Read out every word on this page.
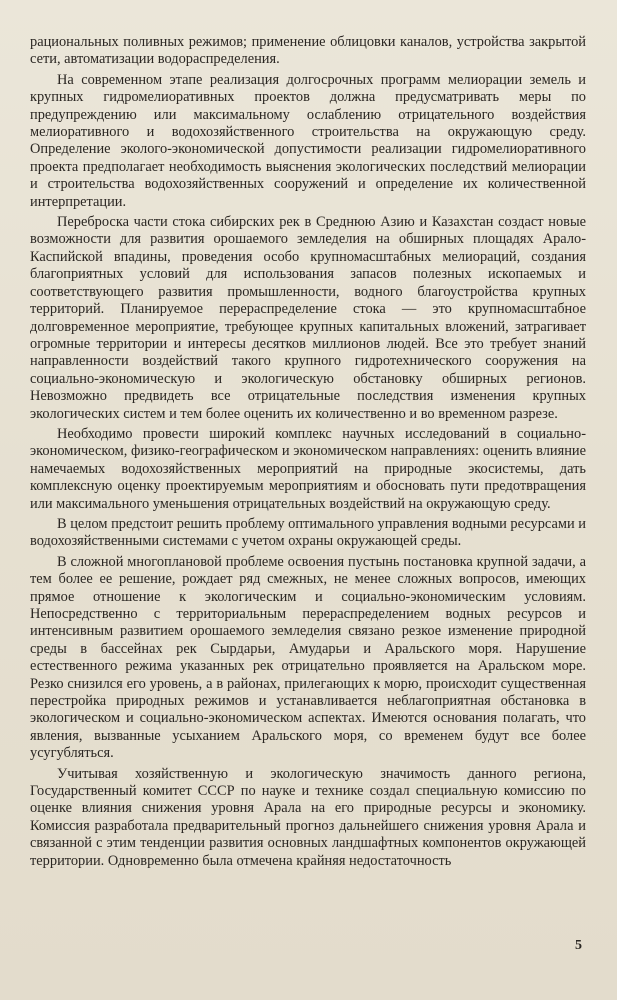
рациональных поливных режимов; применение облицовки каналов, устройства закрытой сети, автоматизации водораспределения.

На современном этапе реализация долгосрочных программ мелиорации земель и крупных гидромелиоративных проектов должна предусматривать меры по предупреждению или максимальному ослаблению отрицательного воздействия мелиоративного и водохозяйственного строительства на окружающую среду. Определение эколого-экономической допустимости реализации гидромелиоративного проекта предполагает необходимость выяснения экологических последствий мелиорации и строительства водохозяйственных сооружений и определение их количественной интерпретации.

Переброска части стока сибирских рек в Среднюю Азию и Казахстан создаст новые возможности для развития орошаемого земледелия на обширных площадях Арало-Каспийской впадины, проведения особо крупномасштабных мелиораций, создания благоприятных условий для использования запасов полезных ископаемых и соответствующего развития промышленности, водного благоустройства крупных территорий. Планируемое перераспределение стока — это крупномасштабное долговременное мероприятие, требующее крупных капитальных вложений, затрагивает огромные территории и интересы десятков миллионов людей. Все это требует знаний направленности воздействий такого крупного гидротехнического сооружения на социально-экономическую и экологическую обстановку обширных регионов. Невозможно предвидеть все отрицательные последствия изменения крупных экологических систем и тем более оценить их количественно и во временном разрезе.

Необходимо провести широкий комплекс научных исследований в социально-экономическом, физико-географическом и экономическом направлениях: оценить влияние намечаемых водохозяйственных мероприятий на природные экосистемы, дать комплексную оценку проектируемым мероприятиям и обосновать пути предотвращения или максимального уменьшения отрицательных воздействий на окружающую среду.

В целом предстоит решить проблему оптимального управления водными ресурсами и водохозяйственными системами с учетом охраны окружающей среды.

В сложной многоплановой проблеме освоения пустынь постановка крупной задачи, а тем более ее решение, рождает ряд смежных, не менее сложных вопросов, имеющих прямое отношение к экологическим и социально-экономическим условиям. Непосредственно с территориальным перераспределением водных ресурсов и интенсивным развитием орошаемого земледелия связано резкое изменение природной среды в бассейнах рек Сырдарьи, Амударьи и Аральского моря. Нарушение естественного режима указанных рек отрицательно проявляется на Аральском море. Резко снизился его уровень, а в районах, прилегающих к морю, происходит существенная перестройка природных режимов и устанавливается неблагоприятная обстановка в экологическом и социально-экономическом аспектах. Имеются основания полагать, что явления, вызванные усыханием Аральского моря, со временем будут все более усугубляться.

Учитывая хозяйственную и экологическую значимость данного региона, Государственный комитет СССР по науке и технике создал специальную комиссию по оценке влияния снижения уровня Арала на его природные ресурсы и экономику. Комиссия разработала предварительный прогноз дальнейшего снижения уровня Арала и связанной с этим тенденции развития основных ландшафтных компонентов окружающей территории. Одновременно была отмечена крайняя недостаточность

5
